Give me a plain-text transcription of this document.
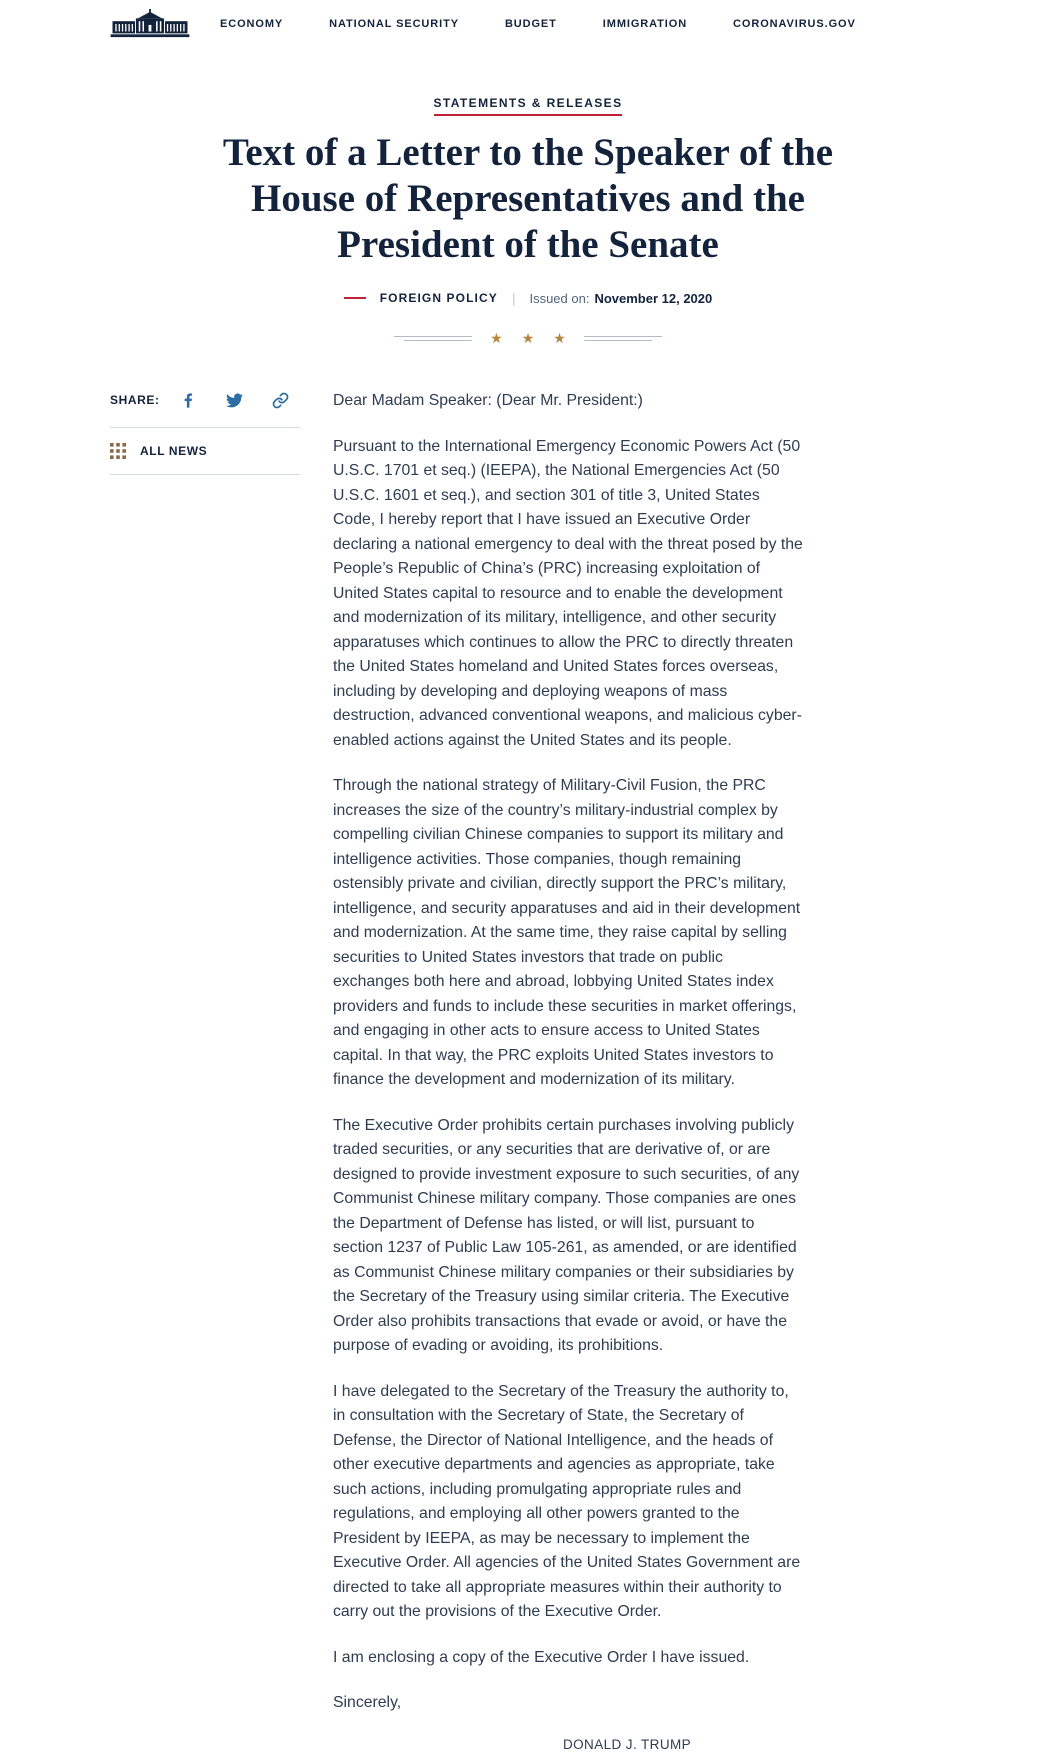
ECONOMY	NATIONAL SECURITY	BUDGET	IMMIGRATION	CORONAVIRUS.GOV
STATEMENTS & RELEASES
Text of a Letter to the Speaker of the House of Representatives and the President of the Senate
FOREIGN POLICY | Issued on: November 12, 2020
★ ★ ★
SHARE:
ALL NEWS

Dear Madam Speaker: (Dear Mr. President:)

Pursuant to the International Emergency Economic Powers Act (50 U.S.C. 1701 et seq.) (IEEPA), the National Emergencies Act (50 U.S.C. 1601 et seq.), and section 301 of title 3, United States Code, I hereby report that I have issued an Executive Order declaring a national emergency to deal with the threat posed by the People’s Republic of China’s (PRC) increasing exploitation of United States capital to resource and to enable the development and modernization of its military, intelligence, and other security apparatuses which continues to allow the PRC to directly threaten the United States homeland and United States forces overseas, including by developing and deploying weapons of mass destruction, advanced conventional weapons, and malicious cyber-enabled actions against the United States and its people.

Through the national strategy of Military-Civil Fusion, the PRC increases the size of the country’s military-industrial complex by compelling civilian Chinese companies to support its military and intelligence activities. Those companies, though remaining ostensibly private and civilian, directly support the PRC’s military, intelligence, and security apparatuses and aid in their development and modernization. At the same time, they raise capital by selling securities to United States investors that trade on public exchanges both here and abroad, lobbying United States index providers and funds to include these securities in market offerings, and engaging in other acts to ensure access to United States capital. In that way, the PRC exploits United States investors to finance the development and modernization of its military.

The Executive Order prohibits certain purchases involving publicly traded securities, or any securities that are derivative of, or are designed to provide investment exposure to such securities, of any Communist Chinese military company. Those companies are ones the Department of Defense has listed, or will list, pursuant to section 1237 of Public Law 105-261, as amended, or are identified as Communist Chinese military companies or their subsidiaries by the Secretary of the Treasury using similar criteria. The Executive Order also prohibits transactions that evade or avoid, or have the purpose of evading or avoiding, its prohibitions.

I have delegated to the Secretary of the Treasury the authority to, in consultation with the Secretary of State, the Secretary of Defense, the Director of National Intelligence, and the heads of other executive departments and agencies as appropriate, take such actions, including promulgating appropriate rules and regulations, and employing all other powers granted to the President by IEEPA, as may be necessary to implement the Executive Order. All agencies of the United States Government are directed to take all appropriate measures within their authority to carry out the provisions of the Executive Order.

I am enclosing a copy of the Executive Order I have issued.

Sincerely,

DONALD J. TRUMP
